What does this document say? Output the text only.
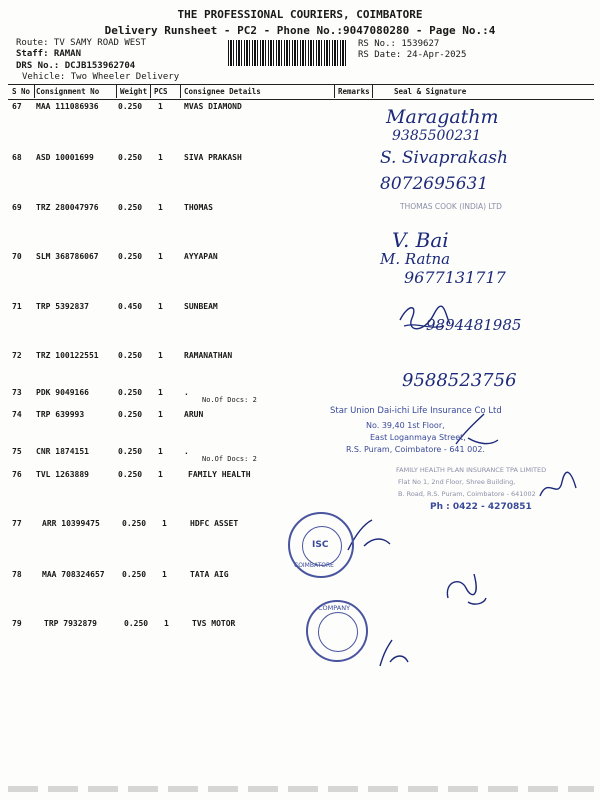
THE PROFESSIONAL COURIERS, COIMBATORE
Delivery Runsheet - PC2 - Phone No.:9047080280 - Page No.:4
Route: TV SAMY ROAD WEST
Staff: RAMAN
DRS No.: DCJB153962704
Vehicle: Two Wheeler Delivery
RS No.: 1539627
RS Date: 24-Apr-2025
S No Consignment No	Weight PCS Consignee Details	Remarks	Seal & Signature
67 MAA 111086936 0.250 1	MVAS DIAMOND
68 ASD 10001699	0.250 1	SIVA PRAKASH
69 TRZ 280047976 0.250 1	THOMAS
70 SLM 368786067 0.250 1	AYYAPAN
71 TRP 5392837	0.450 1	SUNBEAM
72 TRZ 100122551 0.250 1	RAMANATHAN
73 PDK 9049166	0.250 1	.
No.Of Docs: 2
74 TRP 639993	0.250 1	ARUN
75 CNR 1874151	0.250 1	.
No.Of Docs: 2
76 TVL 1263889	0.250 1	FAMILY HEALTH
77	ARR 10399475	0.250 1	HDFC ASSET
78	MAA 708324657 0.250 1	TATA AIG
79	TRP 7932879	0.250 1	TVS MOTOR
Maragathm
9385500231
S. Sivaprakash
8072695631
V. Bai
M. Ratna
9677131717
9894481985
9588523756
THOMAS COOK (INDIA) LTD
Star Union Dai-ichi Life Insurance Co Ltd
No. 39,40 1st Floor,
East Loganmaya Street,
R.S. Puram, Coimbatore - 641 002.
FAMILY HEALTH PLAN INSURANCE TPA LIMITED
Flat No 1, 2nd Floor, Shree Building,
B. Road, R.S. Puram, Coimbatore - 641002
Ph : 0422 - 4270851
ISC
COIMBATORE
COMPANY
